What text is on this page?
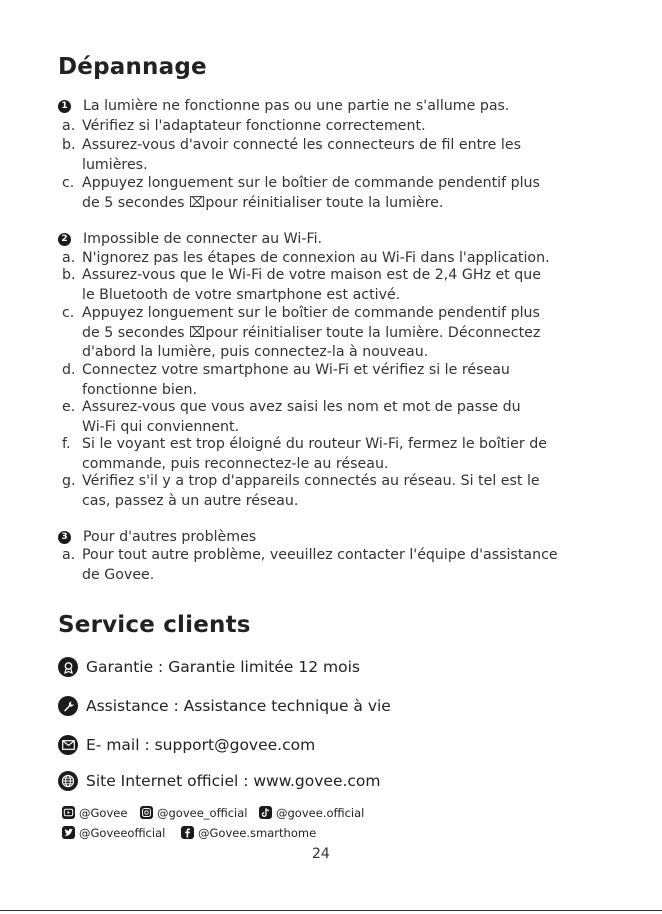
Dépannage
1 La lumière ne fonctionne pas ou une partie ne s'allume pas.
a. Vérifiez si l'adaptateur fonctionne correctement.
b. Assurez-vous d'avoir connecté les connecteurs de fil entre les
lumières.
c. Appuyez longuement sur le boîtier de commande pendentif plus
de 5 secondes ⌧pour réinitialiser toute la lumière.
2 Impossible de connecter au Wi-Fi.
a. N'ignorez pas les étapes de connexion au Wi-Fi dans l'application.
b. Assurez-vous que le Wi-Fi de votre maison est de 2,4 GHz et que
le Bluetooth de votre smartphone est activé.
c. Appuyez longuement sur le boîtier de commande pendentif plus
de 5 secondes ⌧pour réinitialiser toute la lumière. Déconnectez
d'abord la lumière, puis connectez-la à nouveau.
d. Connectez votre smartphone au Wi-Fi et vérifiez si le réseau
fonctionne bien.
e. Assurez-vous que vous avez saisi les nom et mot de passe du
Wi-Fi qui conviennent.
f. Si le voyant est trop éloigné du routeur Wi-Fi, fermez le boîtier de
commande, puis reconnectez-le au réseau.
g. Vérifiez s'il y a trop d'appareils connectés au réseau. Si tel est le
cas, passez à un autre réseau.
3 Pour d'autres problèmes
a. Pour tout autre problème, veeuillez contacter l'équipe d'assistance
de Govee.
Service clients
Garantie : Garantie limitée 12 mois
Assistance : Assistance technique à vie
E- mail : support@govee.com
Site Internet officiel : www.govee.com
@Govee	@govee_official	@govee.official
@Goveeofficial	@Govee.smarthome
24
